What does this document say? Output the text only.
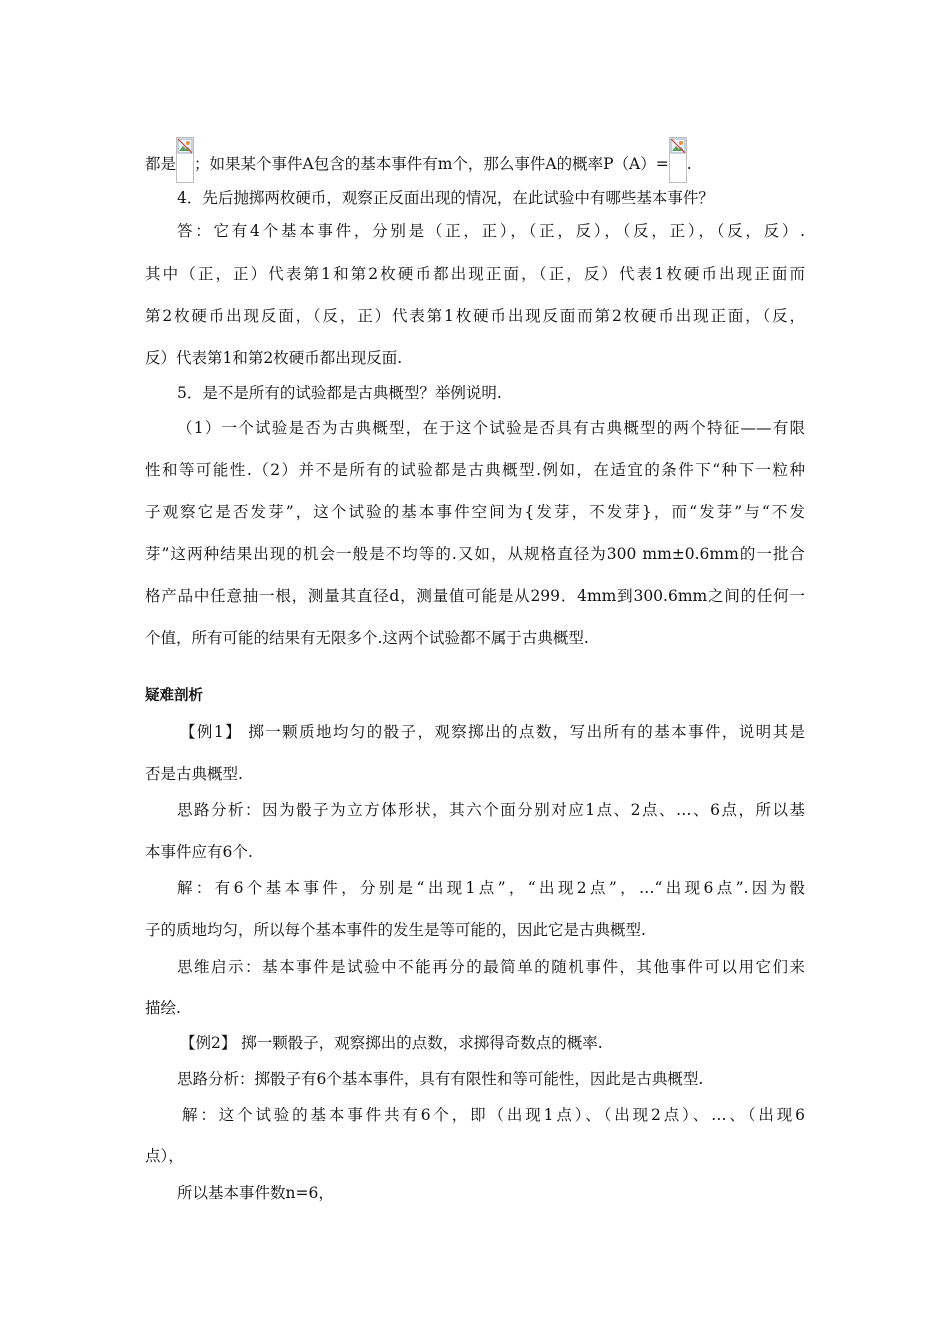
都是 ；如果某个事件A包含的基本事件有m个，那么事件A的概率P（A）= .
4．先后抛掷两枚硬币，观察正反面出现的情况，在此试验中有哪些基本事件？
答：它有4个基本事件，分别是（正，正），（正，反），（反，正），（反，反）.
其中（正，正）代表第1和第2枚硬币都出现正面，（正，反）代表1枚硬币出现正面而
第2枚硬币出现反面，（反，正）代表第1枚硬币出现反面而第2枚硬币出现正面，（反，
反）代表第1和第2枚硬币都出现反面.
5．是不是所有的试验都是古典概型？举例说明.
（1）一个试验是否为古典概型，在于这个试验是否具有古典概型的两个特征——有限
性和等可能性.（2）并不是所有的试验都是古典概型.例如，在适宜的条件下“种下一粒种
子观察它是否发芽”，这个试验的基本事件空间为{发芽，不发芽}，而“发芽”与“不发
芽”这两种结果出现的机会一般是不均等的.又如，从规格直径为300 mm±0.6mm的一批合
格产品中任意抽一根，测量其直径d，测量值可能是从299．4mm到300.6mm之间的任何一
个值，所有可能的结果有无限多个.这两个试验都不属于古典概型.
疑难剖析
【例1】 掷一颗质地均匀的骰子，观察掷出的点数，写出所有的基本事件，说明其是
否是古典概型.
思路分析：因为骰子为立方体形状，其六个面分别对应1点、2点、…、6点，所以基
本事件应有6个.
解：有6个基本事件，分别是“出现1点”，“出现2点”，…“出现6点”.因为骰
子的质地均匀，所以每个基本事件的发生是等可能的，因此它是古典概型.
思维启示：基本事件是试验中不能再分的最简单的随机事件，其他事件可以用它们来
描绘.
【例2】 掷一颗骰子，观察掷出的点数，求掷得奇数点的概率.
思路分析：掷骰子有6个基本事件，具有有限性和等可能性，因此是古典概型.
解：这个试验的基本事件共有6个，即（出现1点）、（出现2点）、…、（出现6
点），
所以基本事件数n=6，
